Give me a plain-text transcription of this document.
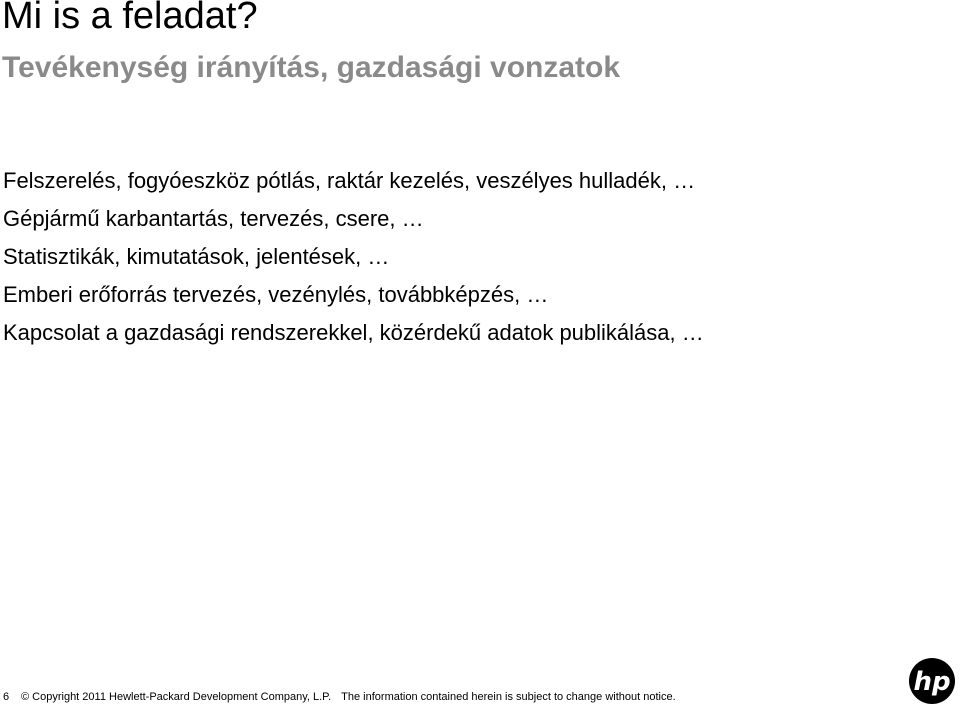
Mi is a feladat?
Tevékenység irányítás, gazdasági vonzatok
Felszerelés, fogyóeszköz pótlás, raktár kezelés, veszélyes hulladék, …
Gépjármű karbantartás, tervezés, csere, …
Statisztikák, kimutatások, jelentések, …
Emberi erőforrás tervezés, vezénylés, továbbképzés, …
Kapcsolat a gazdasági rendszerekkel, közérdekű adatok publikálása, …
6 © Copyright 2011 Hewlett-Packard Development Company, L.P. The information contained herein is subject to change without notice.	hp
